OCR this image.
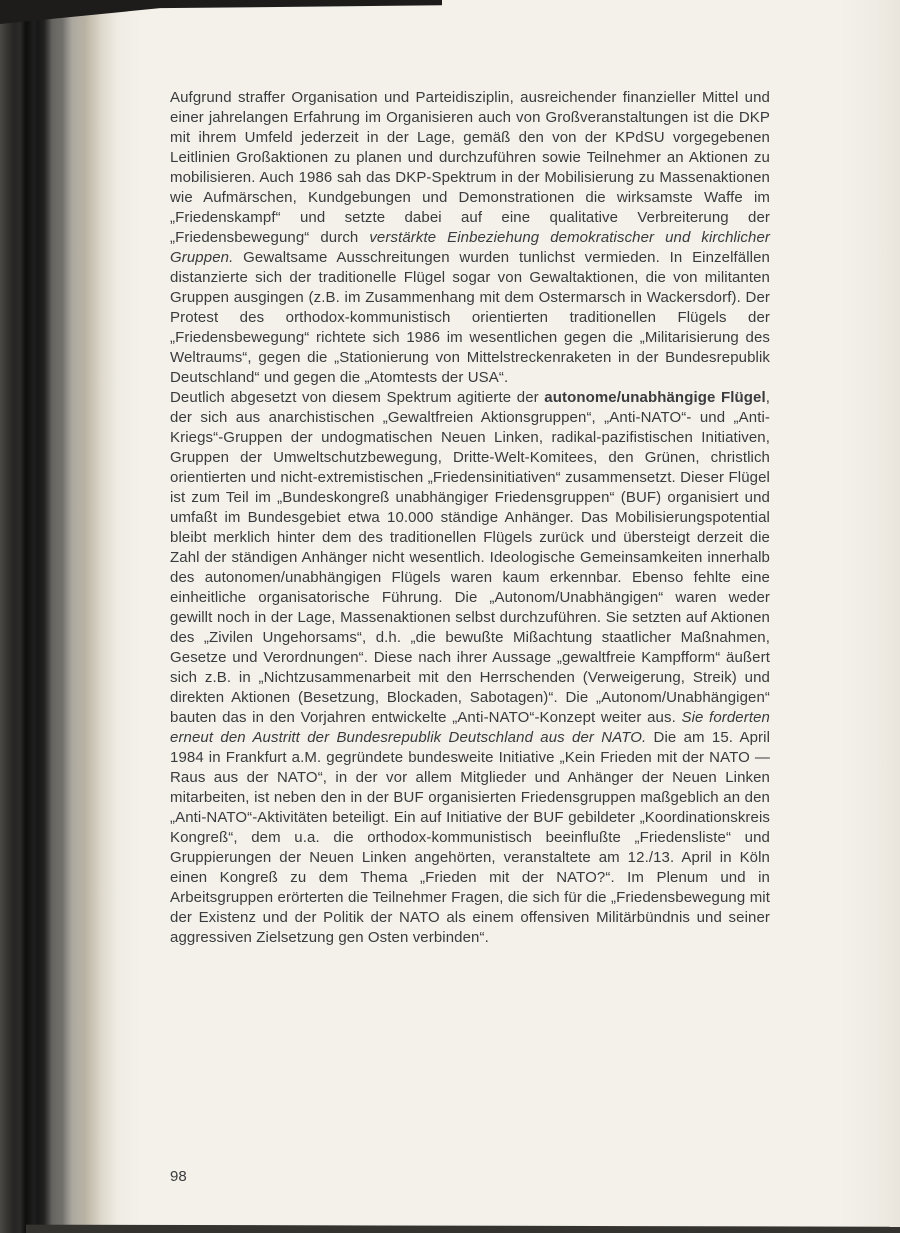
Aufgrund straffer Organisation und Parteidisziplin, ausreichender finanzieller Mittel und einer jahrelangen Erfahrung im Organisieren auch von Großveranstaltungen ist die DKP mit ihrem Umfeld jederzeit in der Lage, gemäß den von der KPdSU vorgegebenen Leitlinien Großaktionen zu planen und durchzuführen sowie Teilnehmer an Aktionen zu mobilisieren. Auch 1986 sah das DKP-Spektrum in der Mobilisierung zu Massenaktionen wie Aufmärschen, Kundgebungen und Demonstrationen die wirksamste Waffe im „Friedenskampf“ und setzte dabei auf eine qualitative Verbreiterung der „Friedensbewegung“ durch verstärkte Einbeziehung demokratischer und kirchlicher Gruppen. Gewaltsame Ausschreitungen wurden tunlichst vermieden. In Einzelfällen distanzierte sich der traditionelle Flügel sogar von Gewaltaktionen, die von militanten Gruppen ausgingen (z.B. im Zusammenhang mit dem Ostermarsch in Wackersdorf). Der Protest des orthodox-kommunistisch orientierten traditionellen Flügels der „Friedensbewegung“ richtete sich 1986 im wesentlichen gegen die „Militarisierung des Weltraums“, gegen die „Stationierung von Mittelstreckenraketen in der Bundesrepublik Deutschland“ und gegen die „Atomtests der USA“.

Deutlich abgesetzt von diesem Spektrum agitierte der autonome/unabhängige Flügel, der sich aus anarchistischen „Gewaltfreien Aktionsgruppen“, „Anti-NATO“- und „Anti-Kriegs“-Gruppen der undogmatischen Neuen Linken, radikal-pazifistischen Initiativen, Gruppen der Umweltschutzbewegung, Dritte-Welt-Komitees, den Grünen, christlich orientierten und nicht-extremistischen „Friedensinitiativen“ zusammensetzt. Dieser Flügel ist zum Teil im „Bundeskongreß unabhängiger Friedensgruppen“ (BUF) organisiert und umfaßt im Bundesgebiet etwa 10.000 ständige Anhänger. Das Mobilisierungspotential bleibt merklich hinter dem des traditionellen Flügels zurück und übersteigt derzeit die Zahl der ständigen Anhänger nicht wesentlich. Ideologische Gemeinsamkeiten innerhalb des autonomen/unabhängigen Flügels waren kaum erkennbar. Ebenso fehlte eine einheitliche organisatorische Führung. Die „Autonom/Unabhängigen“ waren weder gewillt noch in der Lage, Massenaktionen selbst durchzuführen. Sie setzten auf Aktionen des „Zivilen Ungehorsams“, d.h. „die bewußte Mißachtung staatlicher Maßnahmen, Gesetze und Verordnungen“. Diese nach ihrer Aussage „gewaltfreie Kampfform“ äußert sich z.B. in „Nichtzusammenarbeit mit den Herrschenden (Verweigerung, Streik) und direkten Aktionen (Besetzung, Blockaden, Sabotagen)“. Die „Autonom/Unabhängigen“ bauten das in den Vorjahren entwickelte „Anti-NATO“-Konzept weiter aus. Sie forderten erneut den Austritt der Bundesrepublik Deutschland aus der NATO. Die am 15. April 1984 in Frankfurt a.M. gegründete bundesweite Initiative „Kein Frieden mit der NATO — Raus aus der NATO“, in der vor allem Mitglieder und Anhänger der Neuen Linken mitarbeiten, ist neben den in der BUF organisierten Friedensgruppen maßgeblich an den „Anti-NATO“-Aktivitäten beteiligt. Ein auf Initiative der BUF gebildeter „Koordinationskreis Kongreß“, dem u.a. die orthodox-kommunistisch beeinflußte „Friedensliste“ und Gruppierungen der Neuen Linken angehörten, veranstaltete am 12./13. April in Köln einen Kongreß zu dem Thema „Frieden mit der NATO?“. Im Plenum und in Arbeitsgruppen erörterten die Teilnehmer Fragen, die sich für die „Friedensbewegung mit der Existenz und der Politik der NATO als einem offensiven Militärbündnis und seiner aggressiven Zielsetzung gen Osten verbinden“.

98
